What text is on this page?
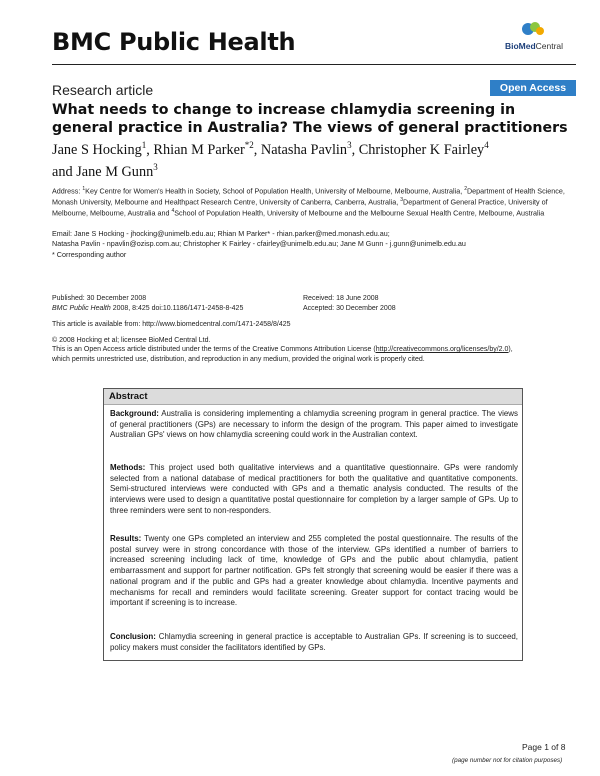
BMC Public Health	BioMedCentral
Research article	Open Access
What needs to change to increase chlamydia screening in general practice in Australia? The views of general practitioners
Jane S Hocking$^1$, Rhian M Parker$^{*2}$, Natasha Pavlin$^3$, Christopher K Fairley$^4$
and Jane M Gunn$^3$
Address: $^1$Key Centre for Women's Health in Society, School of Population Health, University of Melbourne, Melbourne, Australia, $^2$Department of Health Science, Monash University, Melbourne and Healthpact Research Centre, University of Canberra, Canberra, Australia, $^3$Department of General Practice, University of Melbourne, Melbourne, Australia and $^4$School of Population Health, University of Melbourne and the Melbourne Sexual Health Centre, Melbourne, Australia
Email: Jane S Hocking - jhocking@unimelb.edu.au; Rhian M Parker* - rhian.parker@med.monash.edu.au;
Natasha Pavlin - npavlin@ozisp.com.au; Christopher K Fairley - cfairley@unimelb.edu.au; Jane M Gunn - j.gunn@unimelb.edu.au
* Corresponding author
Published: 30 December 2008
BMC Public Health 2008, 8:425 doi:10.1186/1471-2458-8-425
Received: 18 June 2008
Accepted: 30 December 2008
This article is available from: http://www.biomedcentral.com/1471-2458/8/425
© 2008 Hocking et al; licensee BioMed Central Ltd.
This is an Open Access article distributed under the terms of the Creative Commons Attribution License (http://creativecommons.org/licenses/by/2.0),
which permits unrestricted use, distribution, and reproduction in any medium, provided the original work is properly cited.
Abstract
Background: Australia is considering implementing a chlamydia screening program in general practice. The views of general practitioners (GPs) are necessary to inform the design of the program. This paper aimed to investigate Australian GPs' views on how chlamydia screening could work in the Australian context.
Methods: This project used both qualitative interviews and a quantitative questionnaire. GPs were randomly selected from a national database of medical practitioners for both the qualitative and quantitative components. Semi-structured interviews were conducted with GPs and a thematic analysis conducted. The results of the interviews were used to design a quantitative postal questionnaire for completion by a larger sample of GPs. Up to three reminders were sent to non-responders.
Results: Twenty one GPs completed an interview and 255 completed the postal questionnaire. The results of the postal survey were in strong concordance with those of the interview. GPs identified a number of barriers to increased screening including lack of time, knowledge of GPs and the public about chlamydia, patient embarrassment and support for partner notification. GPs felt strongly that screening would be easier if there was a national program and if the public and GPs had a greater knowledge about chlamydia. Incentive payments and mechanisms for recall and reminders would facilitate screening. Greater support for contact tracing would be important if screening is to increase.
Conclusion: Chlamydia screening in general practice is acceptable to Australian GPs. If screening is to succeed, policy makers must consider the facilitators identified by GPs.
Page 1 of 8
(page number not for citation purposes)
